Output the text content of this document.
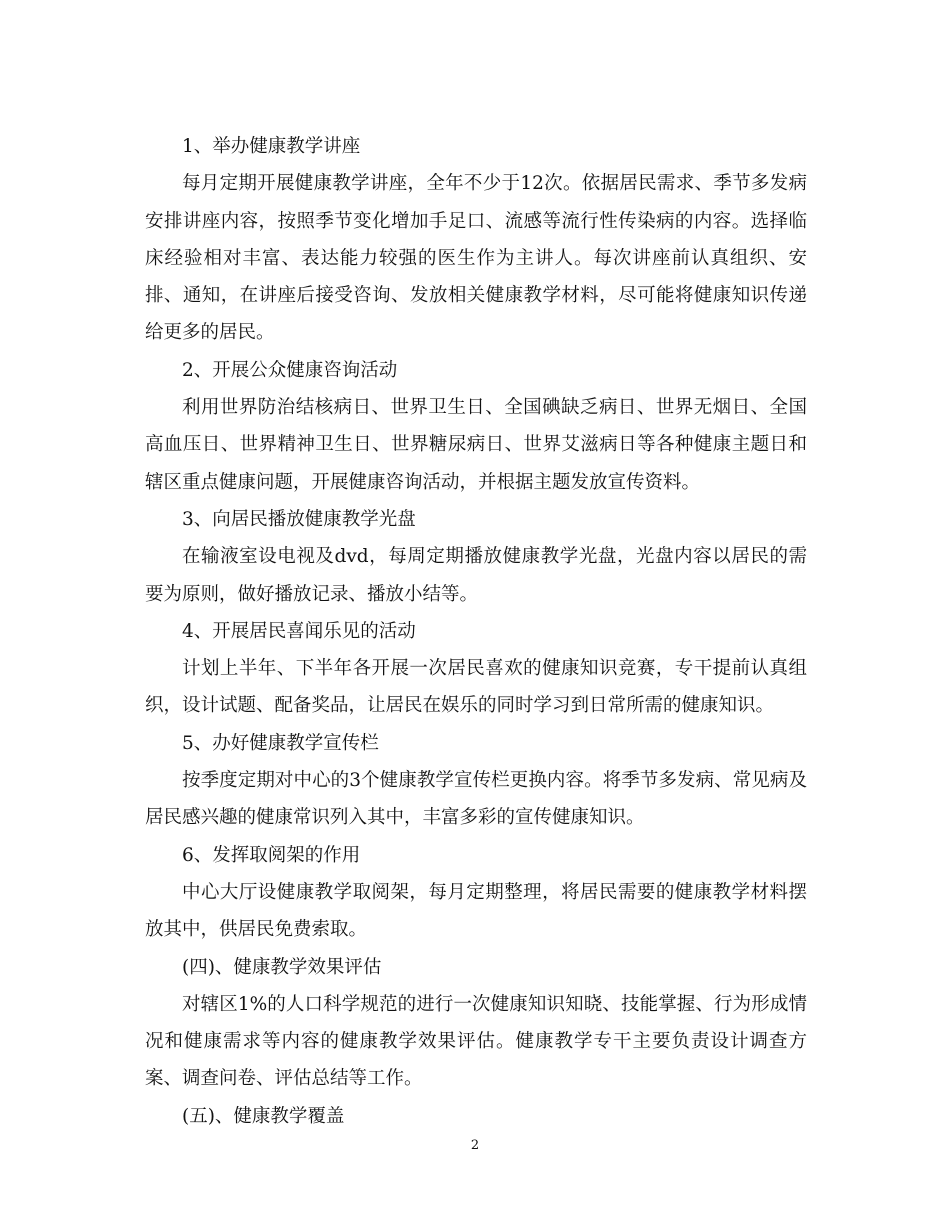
1、举办健康教学讲座

每月定期开展健康教学讲座，全年不少于12次。依据居民需求、季节多发病安排讲座内容，按照季节变化增加手足口、流感等流行性传染病的内容。选择临床经验相对丰富、表达能力较强的医生作为主讲人。每次讲座前认真组织、安排、通知，在讲座后接受咨询、发放相关健康教学材料，尽可能将健康知识传递给更多的居民。

2、开展公众健康咨询活动

利用世界防治结核病日、世界卫生日、全国碘缺乏病日、世界无烟日、全国高血压日、世界精神卫生日、世界糖尿病日、世界艾滋病日等各种健康主题日和辖区重点健康问题，开展健康咨询活动，并根据主题发放宣传资料。

3、向居民播放健康教学光盘

在输液室设电视及dvd，每周定期播放健康教学光盘，光盘内容以居民的需要为原则，做好播放记录、播放小结等。

4、开展居民喜闻乐见的活动

计划上半年、下半年各开展一次居民喜欢的健康知识竞赛，专干提前认真组织，设计试题、配备奖品，让居民在娱乐的同时学习到日常所需的健康知识。

5、办好健康教学宣传栏

按季度定期对中心的3个健康教学宣传栏更换内容。将季节多发病、常见病及居民感兴趣的健康常识列入其中，丰富多彩的宣传健康知识。

6、发挥取阅架的作用

中心大厅设健康教学取阅架，每月定期整理，将居民需要的健康教学材料摆放其中，供居民免费索取。

(四)、健康教学效果评估

对辖区1%的人口科学规范的进行一次健康知识知晓、技能掌握、行为形成情况和健康需求等内容的健康教学效果评估。健康教学专干主要负责设计调查方案、调查问卷、评估总结等工作。

(五)、健康教学覆盖

2
